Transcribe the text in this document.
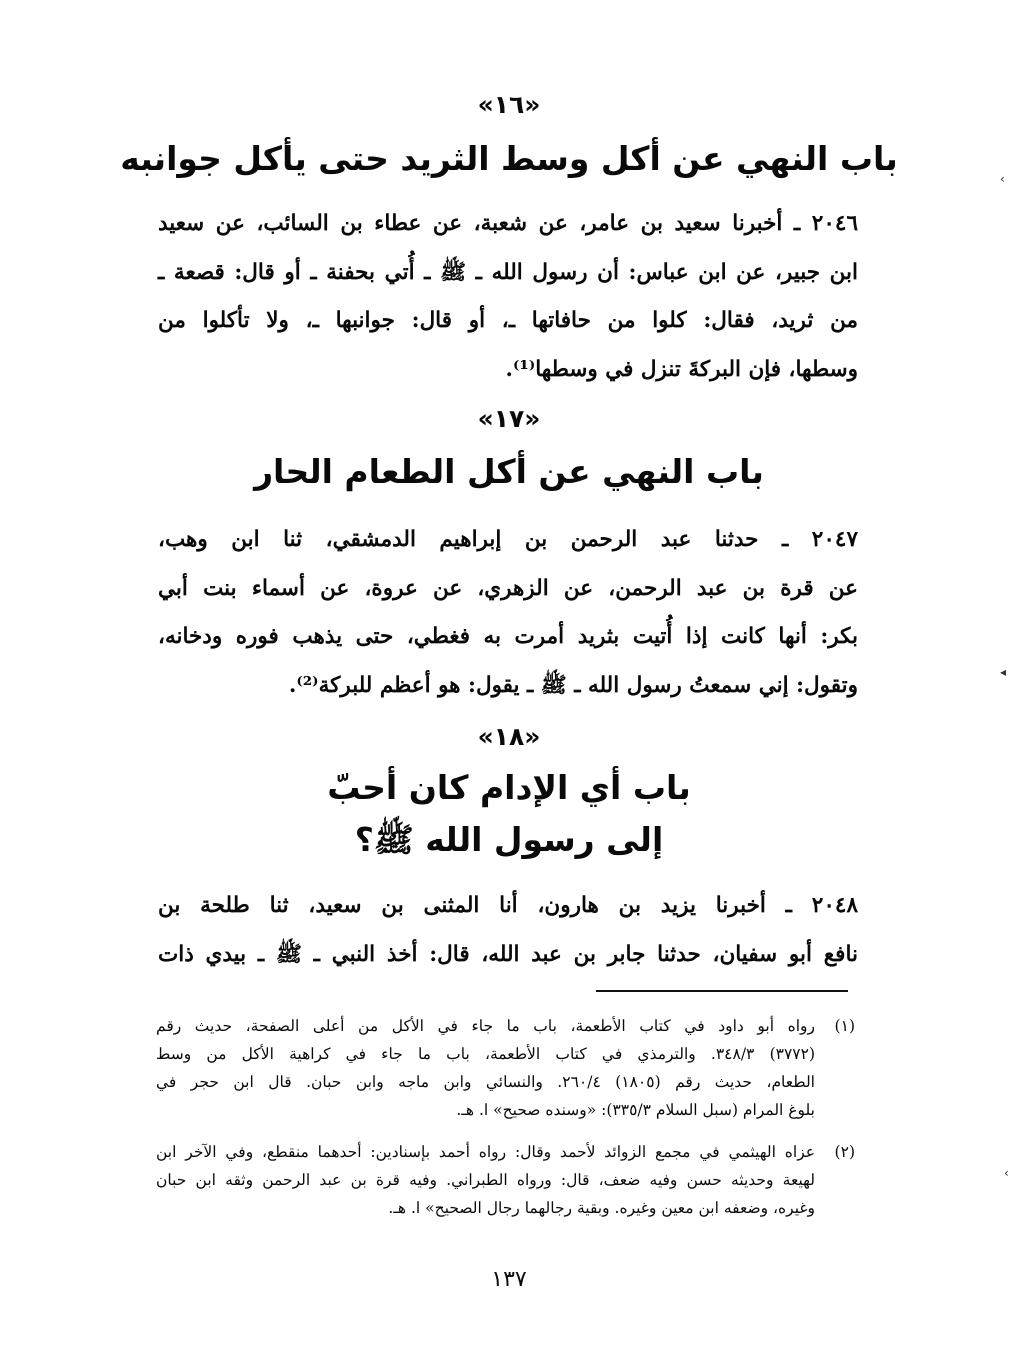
«١٦»
باب النهي عن أكل وسط الثريد حتى يأكل جوانبه
٢٠٤٦ ـ أخبرنا سعيد بن عامر، عن شعبة، عن عطاء بن السائب، عن سعيد
ابن جبير، عن ابن عباس: أن رسول الله ـ ﷺ ـ أُتي بحفنة ـ أو قال: قصعة ـ
من ثريد، فقال: كلوا من حافاتها ـ، أو قال: جوانبها ـ، ولا تأكلوا من
وسطها، فإن البركةَ تنزل في وسطها⁽¹⁾.
«١٧»
باب النهي عن أكل الطعام الحار
٢٠٤٧ ـ حدثنا عبد الرحمن بن إبراهيم الدمشقي، ثنا ابن وهب،
عن قرة بن عبد الرحمن، عن الزهري، عن عروة، عن أسماء بنت أبي
بكر: أنها كانت إذا أُتيت بثريد أمرت به فغطي، حتى يذهب فوره ودخانه،
وتقول: إني سمعتُ رسول الله ـ ﷺ ـ يقول: هو أعظم للبركة⁽²⁾.
«١٨»
باب أي الإدام كان أحبّ
إلى رسول الله ﷺ؟
٢٠٤٨ ـ أخبرنا يزيد بن هارون، أنا المثنى بن سعيد، ثنا طلحة بن
نافع أبو سفيان، حدثنا جابر بن عبد الله، قال: أخذ النبي ـ ﷺ ـ بيدي ذات
(١)
رواه أبو داود في كتاب الأطعمة، باب ما جاء في الأكل من أعلى الصفحة، حديث رقم
(٣٧٧٢) ٣٤٨/٣. والترمذي في كتاب الأطعمة، باب ما جاء في كراهية الأكل من وسط
الطعام، حديث رقم (١٨٠٥) ٢٦٠/٤. والنسائي وابن ماجه وابن حبان. قال ابن حجر في
بلوغ المرام (سبل السلام ٣٣٥/٣): «وسنده صحيح» ا. هـ.
(٢)
عزاه الهيثمي في مجمع الزوائد لأحمد وقال: رواه أحمد بإسنادين: أحدهما منقطع، وفي الآخر ابن
لهيعة وحديثه حسن وفيه ضعف، قال: ورواه الطبراني. وفيه قرة بن عبد الرحمن وثقه ابن حبان
وغيره، وضعفه ابن معين وغيره. وبقية رجالهما رجال الصحيح» ا. هـ.
١٣٧
›
◂
›
